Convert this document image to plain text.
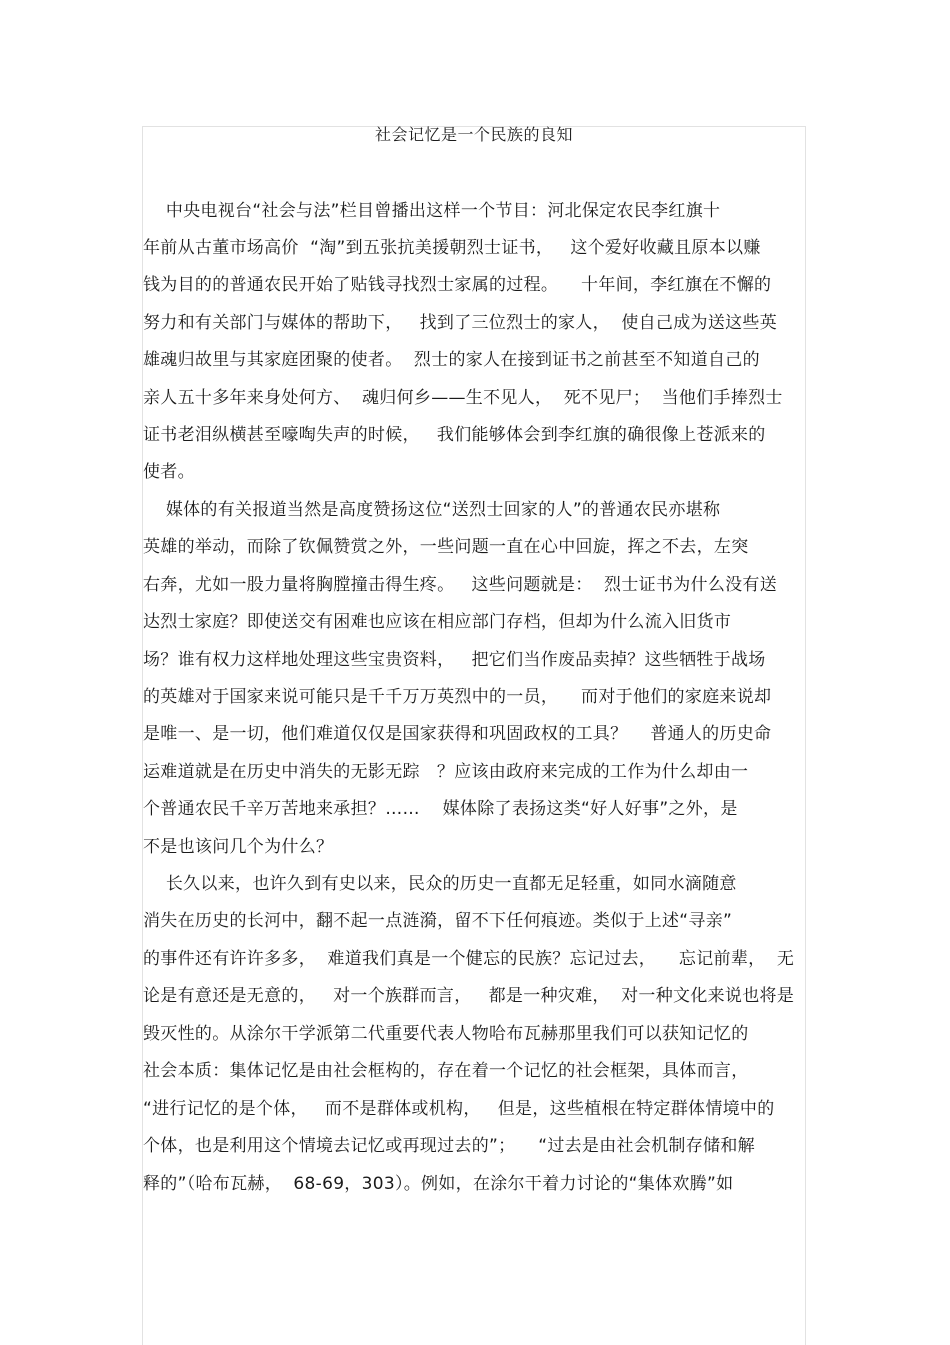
社会记忆是一个民族的良知
中央电视台“社会与法”栏目曾播出这样一个节目：河北保定农民李红旗十
年前从古董市场高价  “淘”到五张抗美援朝烈士证书，   这个爱好收藏且原本以赚
钱为目的的普通农民开始了贴钱寻找烈士家属的过程。    十年间，李红旗在不懈的
努力和有关部门与媒体的帮助下，   找到了三位烈士的家人，  使自己成为送这些英
雄魂归故里与其家庭团聚的使者。  烈士的家人在接到证书之前甚至不知道自己的
亲人五十多年来身处何方、  魂归何乡——生不见人，  死不见尸；  当他们手捧烈士
证书老泪纵横甚至嚎啕失声的时候，   我们能够体会到李红旗的确很像上苍派来的
使者。
媒体的有关报道当然是高度赞扬这位“送烈士回家的人”的普通农民亦堪称
英雄的举动，而除了钦佩赞赏之外，一些问题一直在心中回旋，挥之不去，左突
右奔，尤如一股力量将胸膛撞击得生疼。   这些问题就是：  烈士证书为什么没有送
达烈士家庭？即使送交有困难也应该在相应部门存档，但却为什么流入旧货市
场？谁有权力这样地处理这些宝贵资料，   把它们当作废品卖掉？这些牺牲于战场
的英雄对于国家来说可能只是千千万万英烈中的一员，    而对于他们的家庭来说却
是唯一、是一切，他们难道仅仅是国家获得和巩固政权的工具？    普通人的历史命
运难道就是在历史中消失的无影无踪   ？应该由政府来完成的工作为什么却由一
个普通农民千辛万苦地来承担？……    媒体除了表扬这类“好人好事”之外，是
不是也该问几个为什么？
长久以来，也许久到有史以来，民众的历史一直都无足轻重，如同水滴随意
消失在历史的长河中，翻不起一点涟漪，留不下任何痕迹。类似于上述“寻亲”
的事件还有许许多多，  难道我们真是一个健忘的民族？忘记过去，    忘记前辈，  无
论是有意还是无意的，   对一个族群而言，   都是一种灾难，  对一种文化来说也将是
毁灭性的。从涂尔干学派第二代重要代表人物哈布瓦赫那里我们可以获知记忆的
社会本质：集体记忆是由社会框构的，存在着一个记忆的社会框架，具体而言，
“进行记忆的是个体，   而不是群体或机构，   但是，这些植根在特定群体情境中的
个体，也是利用这个情境去记忆或再现过去的”；    “过去是由社会机制存储和解
释的”（哈布瓦赫，  68-69，303）。例如，在涂尔干着力讨论的“集体欢腾”如
